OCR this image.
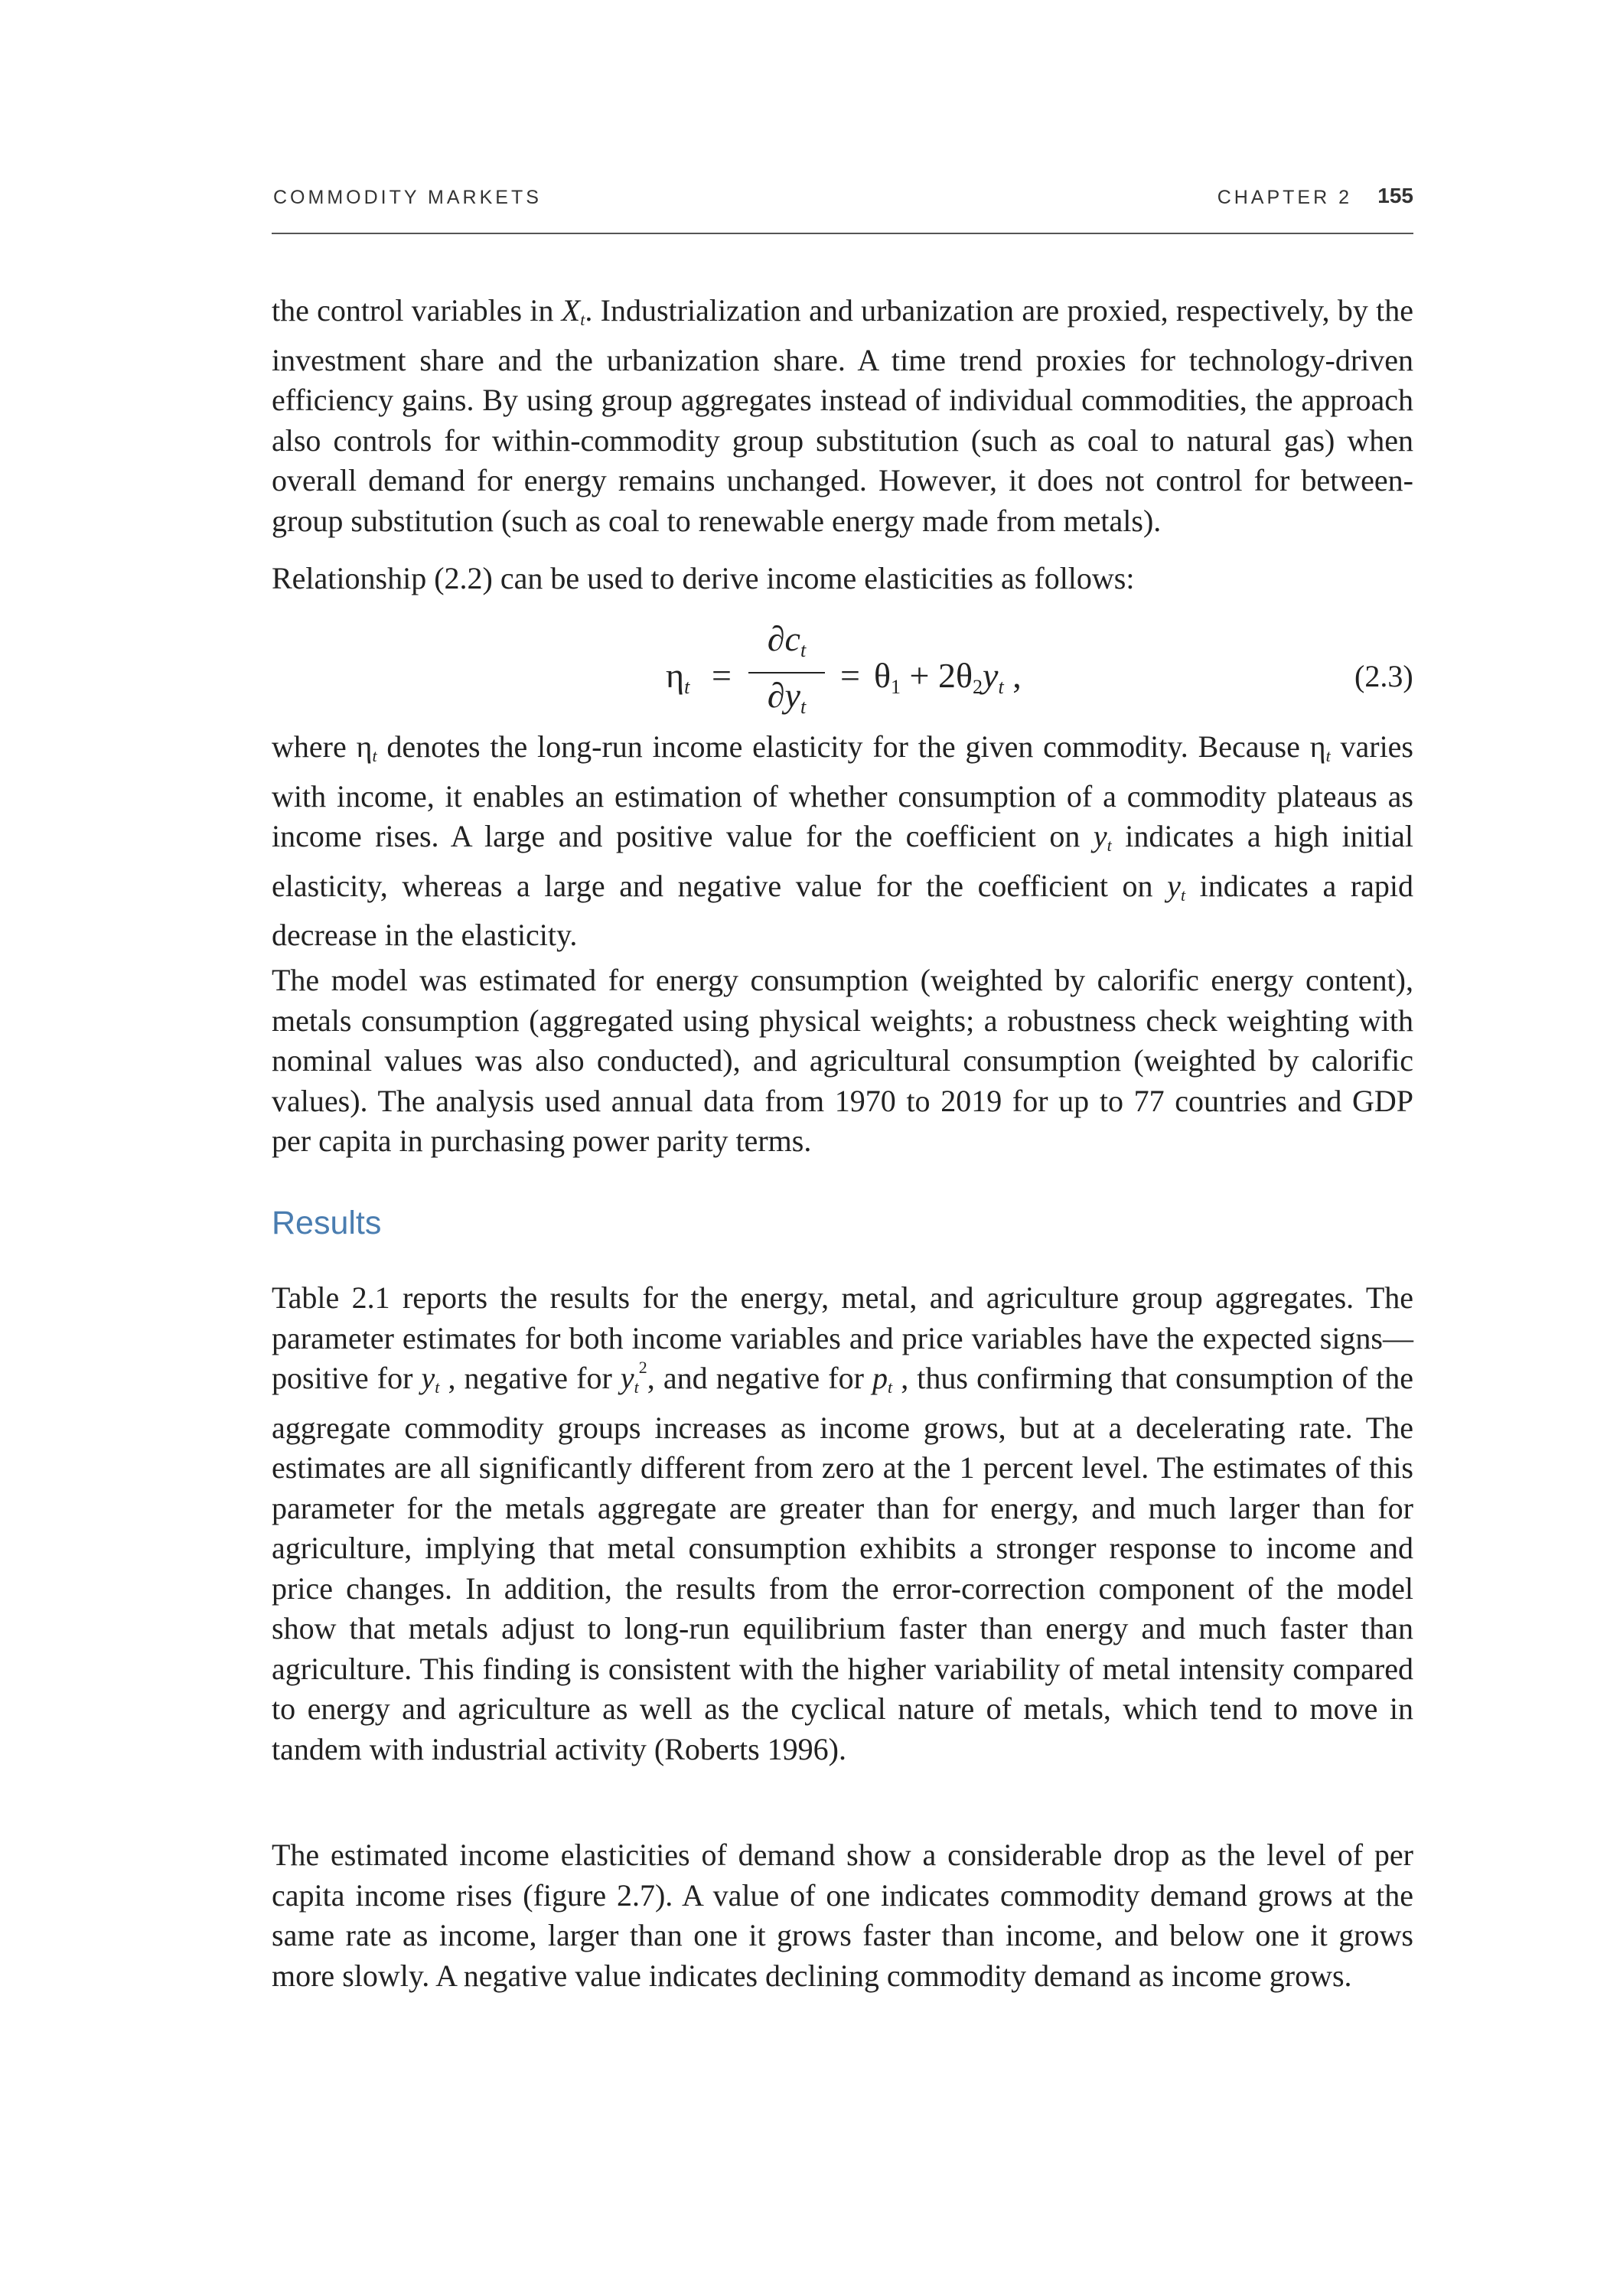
COMMODITY MARKETS	CHAPTER 2 155

the control variables in $X_t$. Industrialization and urbanization are proxied, respectively, by the investment share and the urbanization share. A time trend proxies for technology-driven efficiency gains. By using group aggregates instead of individual commodities, the approach also controls for within-commodity group substitution (such as coal to natural gas) when overall demand for energy remains unchanged. However, it does not control for between-group substitution (such as coal to renewable energy made from metals).

Relationship (2.2) can be used to derive income elasticities as follows:

$\eta_t$ =
$\partial c_t$
$\partial y_t$
= $\theta_1 + 2\theta_2y_t$ ,	(2.3)

where $\eta_t$ denotes the long-run income elasticity for the given commodity. Because $\eta_t$ varies with income, it enables an estimation of whether consumption of a commodity plateaus as income rises. A large and positive value for the coefficient on $y_t$ indicates a high initial elasticity, whereas a large and negative value for the coefficient on $y_t$ indicates a rapid decrease in the elasticity.

The model was estimated for energy consumption (weighted by calorific energy content), metals consumption (aggregated using physical weights; a robustness check weighting with nominal values was also conducted), and agricultural consumption (weighted by calorific values). The analysis used annual data from 1970 to 2019 for up to 77 countries and GDP per capita in purchasing power parity terms.

Results

Table 2.1 reports the results for the energy, metal, and agriculture group aggregates. The parameter estimates for both income variables and price variables have the expected signs—positive for $y_t$ , negative for $y_t^2$, and negative for $p_t$ , thus confirming that consumption of the aggregate commodity groups increases as income grows, but at a decelerating rate. The estimates are all significantly different from zero at the 1 percent level. The estimates of this parameter for the metals aggregate are greater than for energy, and much larger than for agriculture, implying that metal consumption exhibits a stronger response to income and price changes. In addition, the results from the error-correction component of the model show that metals adjust to long-run equilibrium faster than energy and much faster than agriculture. This finding is consistent with the higher variability of metal intensity compared to energy and agriculture as well as the cyclical nature of metals, which tend to move in tandem with industrial activity (Roberts 1996).

The estimated income elasticities of demand show a considerable drop as the level of per capita income rises (figure 2.7). A value of one indicates commodity demand grows at the same rate as income, larger than one it grows faster than income, and below one it grows more slowly. A negative value indicates declining commodity demand as income grows.
